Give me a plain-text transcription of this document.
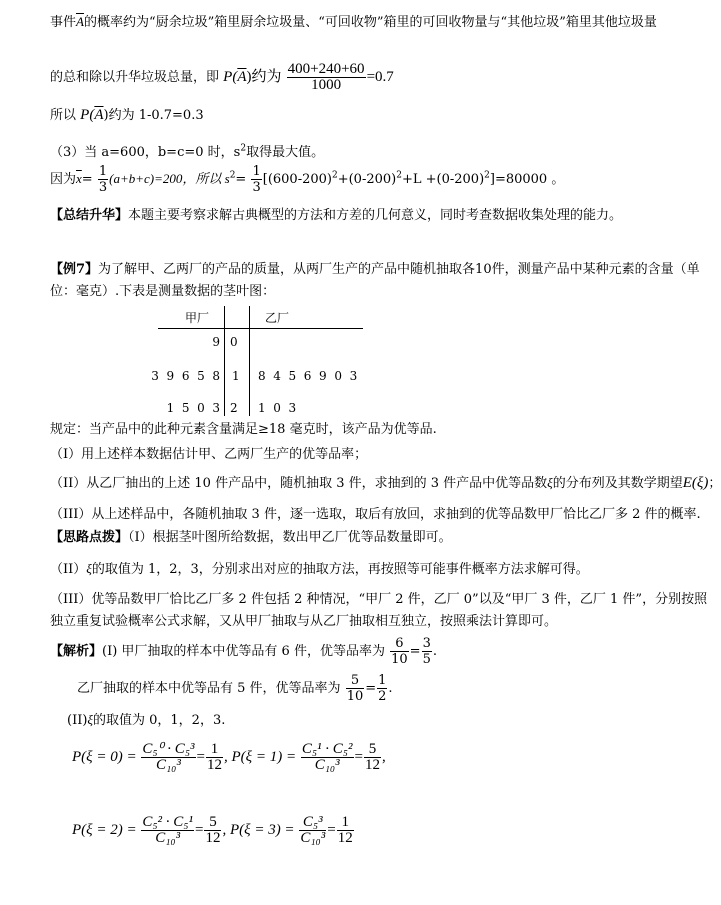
事件$\overline{A}$的概率约为“厨余垃圾”箱里厨余垃圾量、“可回收物”箱里的可回收物量与“其他垃圾”箱里其他垃圾量
的总和除以升华垃圾总量，即 $P(\overline{A})$约为 $\frac{400+240+60}{1000} =0.7$
所以 $P(\overline{A})$约为 1-0.7=0.3
（3）当 a=600，b=c=0 时，$s^2$取得最大值。
因为$\overline{x}= \frac{1}{3} (a+b+c)=200$，所以 $s^2= \frac{1}{3} [(600-200)^2+(0-200)^2+L +(0-200)^2]=80000$ 。
【总结升华】本题主要考察求解古典概型的方法和方差的几何意义，同时考查数据收集处理的能力。
【例7】为了解甲、乙两厂的产品的质量，从两厂生产的产品中随机抽取各10件，测量产品中某种元素的含量（单
位：毫克）.下表是测量数据的茎叶图：
甲厂	乙厂
9 0
3  9  6  5  8 1 8  4  5  6  9  0  3
1  5  0  3 2 1  0  3
规定：当产品中的此种元素含量满足≥18 毫克时，该产品为优等品.
（I）用上述样本数据估计甲、乙两厂生产的优等品率；
（II）从乙厂抽出的上述 10 件产品中，随机抽取 3 件，求抽到的 3 件产品中优等品数ξ的分布列及其数学期望E(ξ)；
（III）从上述样品中，各随机抽取 3 件，逐一选取，取后有放回，求抽到的优等品数甲厂恰比乙厂多 2 件的概率.
【思路点拨】（I）根据茎叶图所给数据，数出甲乙厂优等品数量即可。
（II）ξ的取值为 1，2，3，分别求出对应的抽取方法，再按照等可能事件概率方法求解可得。
（III）优等品数甲厂恰比乙厂多 2 件包括 2 种情况，“甲厂 2 件，乙厂 0”以及“甲厂 3 件，乙厂 1 件”，分别按照
独立重复试验概率公式求解，又从甲厂抽取与从乙厂抽取相互独立，按照乘法计算即可。
【解析】(I) 甲厂抽取的样本中优等品有 6 件，优等品率为 $\frac{6}{10} = \frac{3}{5}$ .
乙厂抽取的样本中优等品有 5 件，优等品率为 $\frac{5}{10} = \frac{1}{2}$ .
(II)ξ的取值为 0，1，2，3.
$P(\xi = 0) = \frac{\text{C₅⁰ · C₅³}}{\text{C₁₀³}} = \frac{1}{12}$ , $P(\xi = 1) = \frac{\text{C₅¹ · C₅²}}{\text{C₁₀³}} = \frac{5}{12}$ ,
$P(\xi = 2) = \frac{\text{C₅² · C₅¹}}{\text{C₁₀³}} = \frac{5}{12}$ , $P(\xi = 3) = \frac{\text{C₅³}}{\text{C₁₀³}} = \frac{1}{12}$
